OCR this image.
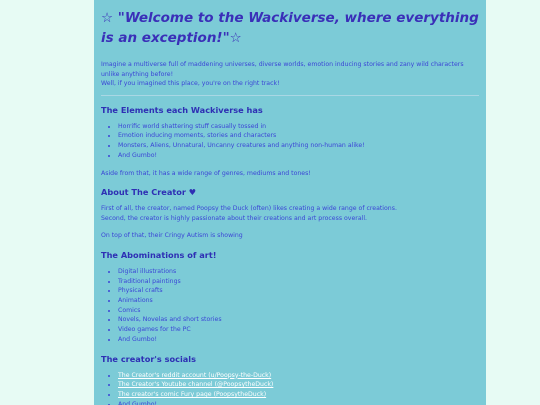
☆ "Welcome to the Wackiverse, where everything is an exception!"☆

Imagine a multiverse full of maddening universes, diverse worlds, emotion inducing stories and zany wild characters unlike anything before!

Well, if you imagined this place, you're on the right track!

The Elements each Wackiverse has
• Horrific world shattering stuff casually tossed in
• Emotion inducing moments, stories and characters
• Monsters, Aliens, Unnatural, Uncanny creatures and anything non-human alike!
• And Gumbo!

Aside from that, it has a wide range of genres, mediums and tones!

About The Creator ♥

First of all, the creator, named Poopsy the Duck (often) likes creating a wide range of creations.

Second, the creator is highly passionate about their creations and art process overall.

On top of that, their Cringy Autism is showing

The Abominations of art!
• Digital illustrations
• Traditional paintings
• Physical crafts
• Animations
• Comics
• Novels, Novelas and short stories
• Video games for the PC
• And Gumbo!
The creator's socials
• The Creator's reddit account (u/Poopsy-the-Duck)
• The Creator's Youtube channel (@PoopsytheDuck)
• The creator's comic Fury page (PoopsytheDuck)
• And Gumbo!
